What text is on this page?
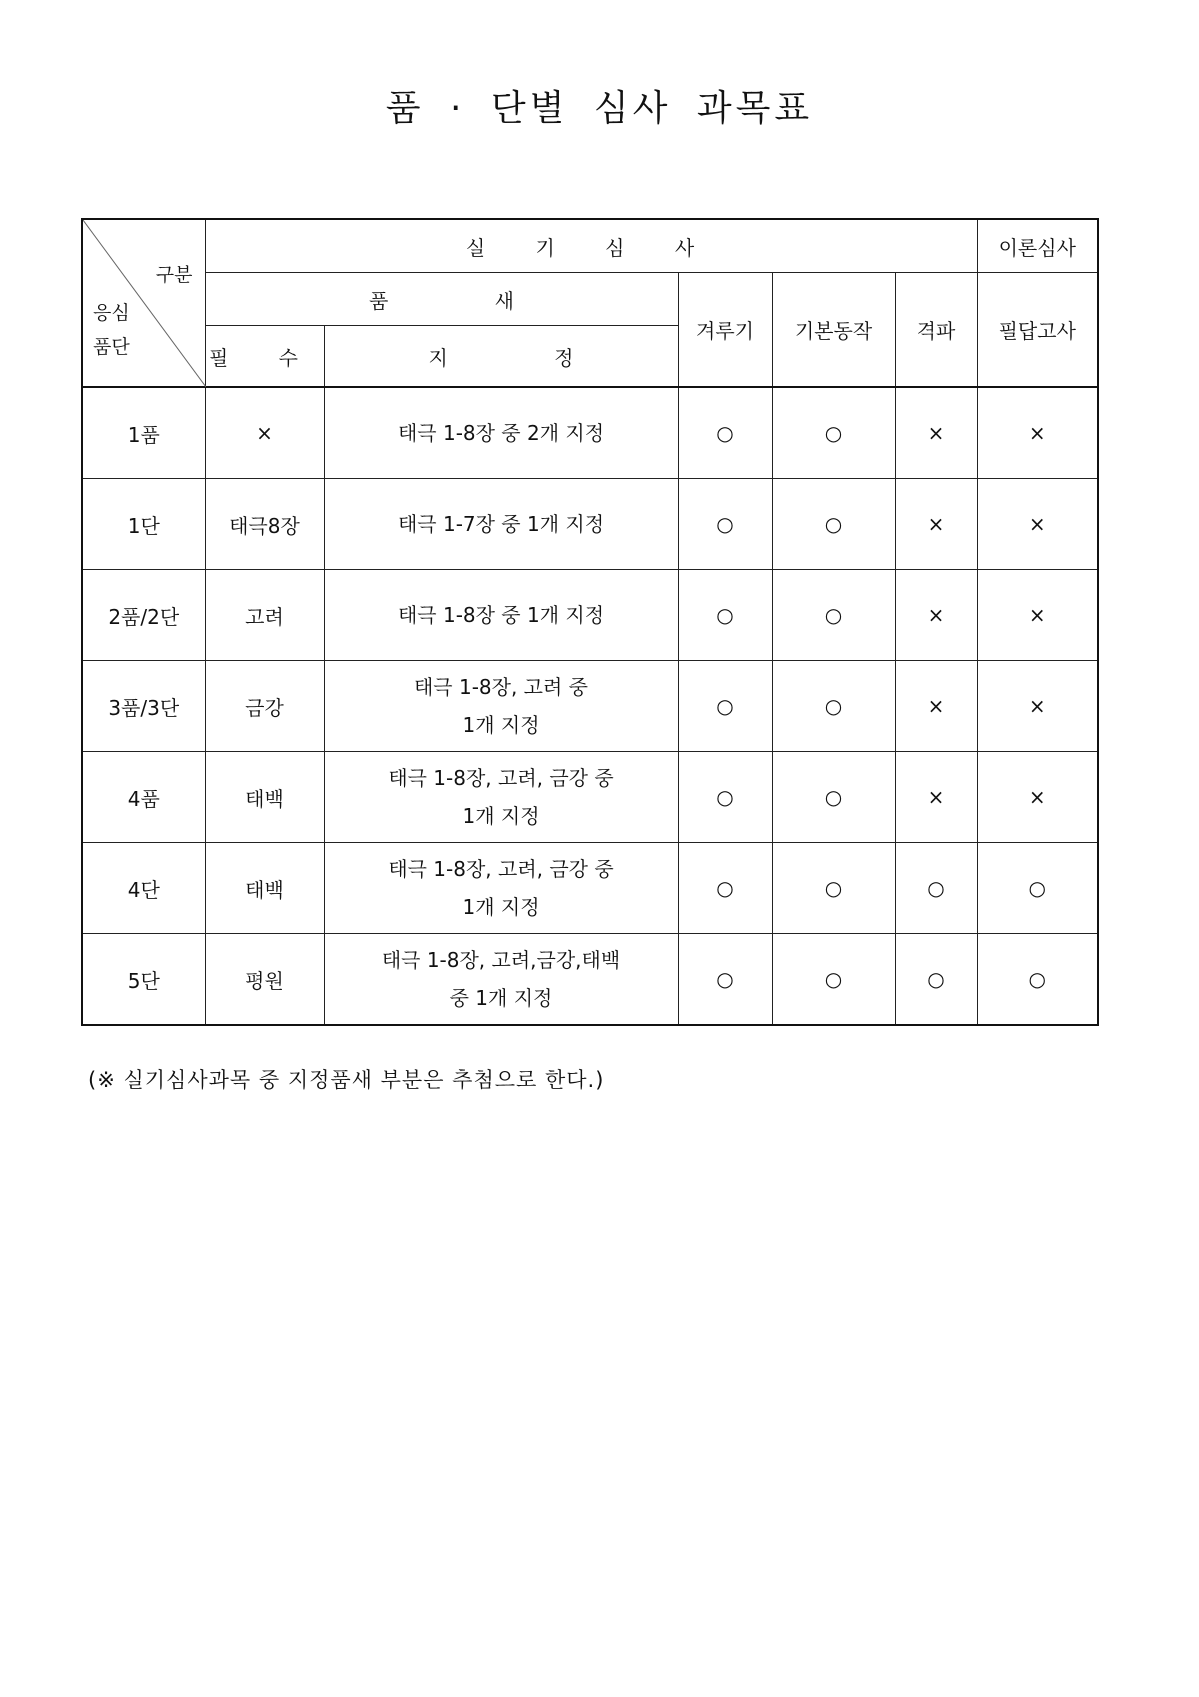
품 · 단별 심사 과목표
구분
응심
품단	실 기 심 사					이론심사
	품 새		겨루기	기본동작	격파	필답고사
	필 수	지 정				
1품	×	태극 1-8장 중 2개 지정	○	○	×	×
1단	태극8장	태극 1-7장 중 1개 지정	○	○	×	×
2품/2단	고려	태극 1-8장 중 1개 지정	○	○	×	×
3품/3단	금강	태극 1-8장, 고려 중
1개 지정	○	○	×	×
4품	태백	태극 1-8장, 고려, 금강 중
1개 지정	○	○	×	×
4단	태백	태극 1-8장, 고려, 금강 중
1개 지정	○	○	○	○
5단	평원	태극 1-8장, 고려,금강,태백
중 1개 지정	○	○	○	○
(※ 실기심사과목 중 지정품새 부분은 추첨으로 한다.)
